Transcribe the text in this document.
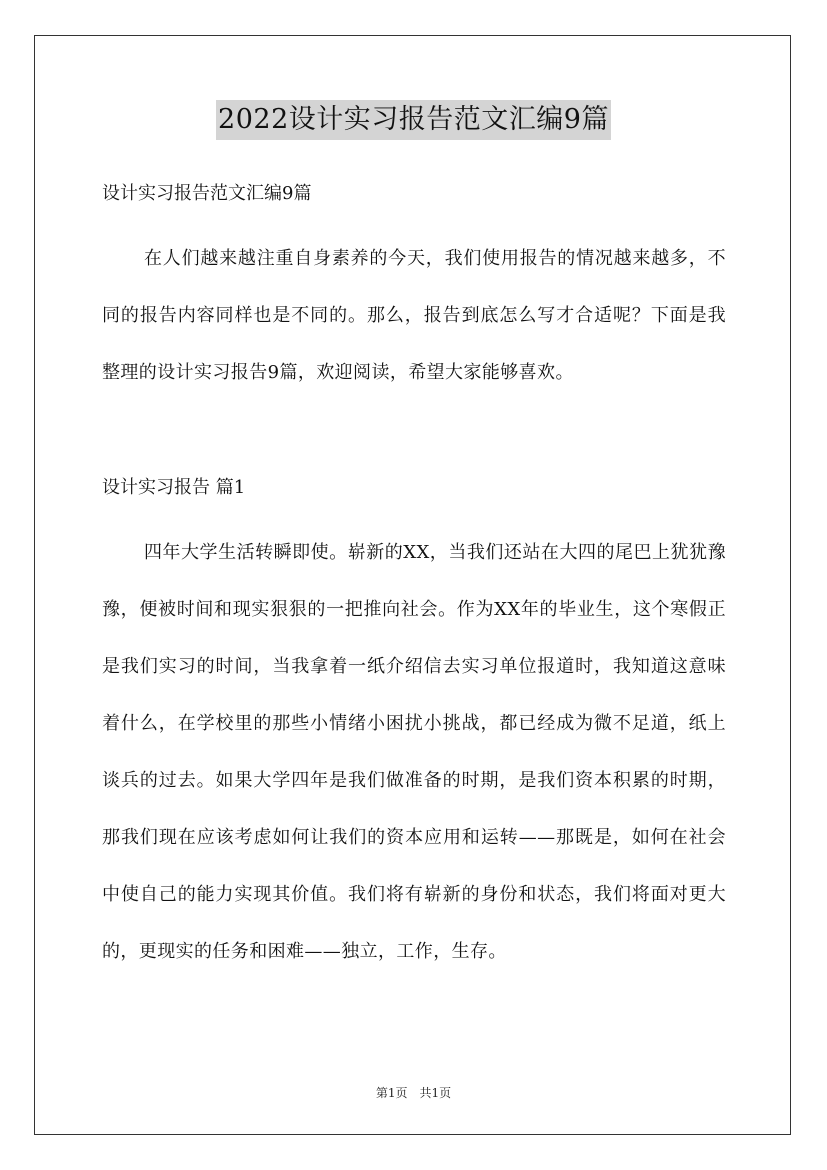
2022设计实习报告范文汇编9篇

设计实习报告范文汇编9篇

在人们越来越注重自身素养的今天，我们使用报告的情况越来越多，不同的报告内容同样也是不同的。那么，报告到底怎么写才合适呢？下面是我整理的设计实习报告9篇，欢迎阅读，希望大家能够喜欢。

设计实习报告 篇1

四年大学生活转瞬即使。崭新的XX，当我们还站在大四的尾巴上犹犹豫豫，便被时间和现实狠狠的一把推向社会。作为XX年的毕业生，这个寒假正是我们实习的时间，当我拿着一纸介绍信去实习单位报道时，我知道这意味着什么，在学校里的那些小情绪小困扰小挑战，都已经成为微不足道，纸上谈兵的过去。如果大学四年是我们做准备的时期，是我们资本积累的时期，那我们现在应该考虑如何让我们的资本应用和运转——那既是，如何在社会中使自己的能力实现其价值。我们将有崭新的身份和状态，我们将面对更大的，更现实的任务和困难——独立，工作，生存。

第1页　共1页
